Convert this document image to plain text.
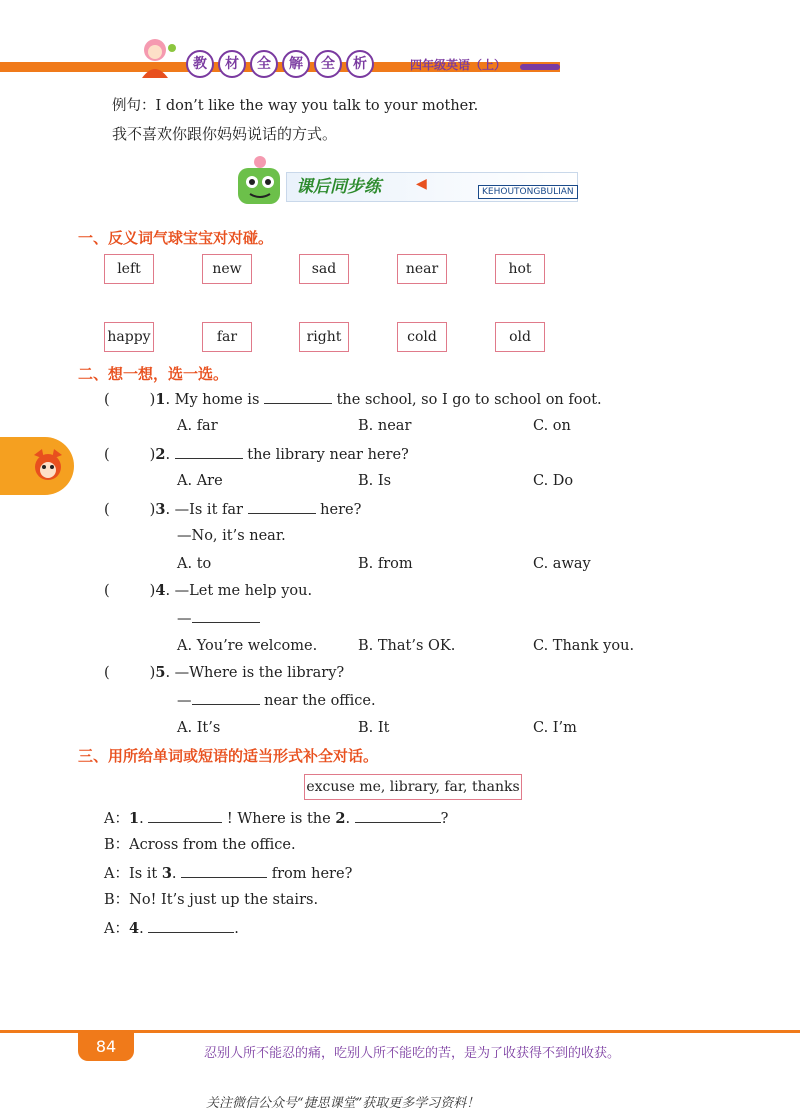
教	材	全	解	全	析	四年级英语（上）
例句：I don’t like the way you talk to your mother.
我不喜欢你跟你妈妈说话的方式。
课后同步练	◀	KEHOUTONGBULIAN
一、反义词气球宝宝对对碰。
left	new	sad	near	hot
happy	far	right	cold	old
二、想一想，选一选。
(	)1. My home is	the school, so I go to school on foot.
A. far	B. near	C. on
(	)2.	the library near here?
A. Are	B. Is	C. Do
(	)3. —Is it far	here?
—No, it’s near.
A. to	B. from	C. away
(	)4. —Let me help you.
—
A. You’re welcome.	B. That’s OK.	C. Thank you.
(	)5. —Where is the library?
—	near the office.
A. It’s	B. It	C. I’m
三、用所给单词或短语的适当形式补全对话。
excuse me, library, far, thanks
A：1.	! Where is the 2.	?
B：Across from the office.
A：Is it 3.	from here?
B：No! It’s just up the stairs.
A：4.	.
84	忍别人所不能忍的痛，吃别人所不能吃的苦，是为了收获得不到的收获。
关注微信公众号“捷思课堂”获取更多学习资料！
